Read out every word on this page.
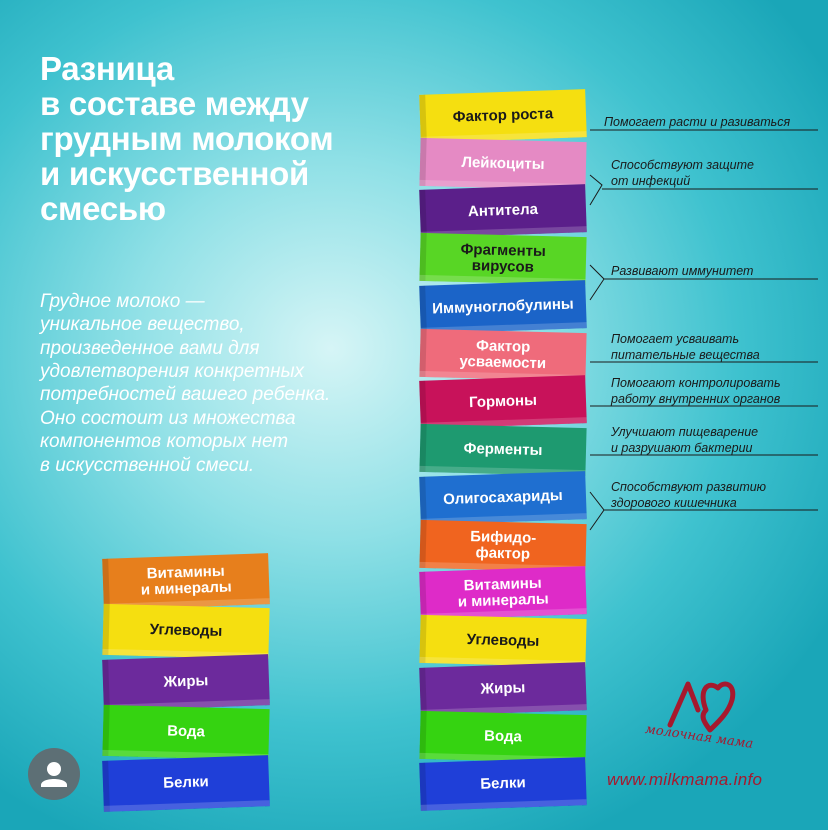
Разница
в составе между
грудным молоком
и искусственной
смесью
Грудное молоко —
уникальное вещество,
произведенное вами для
удовлетворения конкретных
потребностей вашего ребенка.
Оно состоит из множества
компонентов которых нет
в искусственной смеси.
Витамины
и минералы
Углеводы
Жиры
Вода
Белки
Фактор роста
Лейкоциты
Антитела
Фрагменты
вирусов
Иммуноглобулины
Фактор
усваемости
Гормоны
Ферменты
Олигосахариды
Бифидо-
фактор
Витамины
и минералы
Углеводы
Жиры
Вода
Белки
Помогает расти и разиваться
Способствуют защите
от инфекций
Развивают иммунитет
Помогает усваивать
питательные вещества
Помогают контролировать
работу внутренних органов
Улучшают пищеварение
и разрушают бактерии
Способствуют развитию
здорового кишечника
молочная мама
www.milkmama.info
